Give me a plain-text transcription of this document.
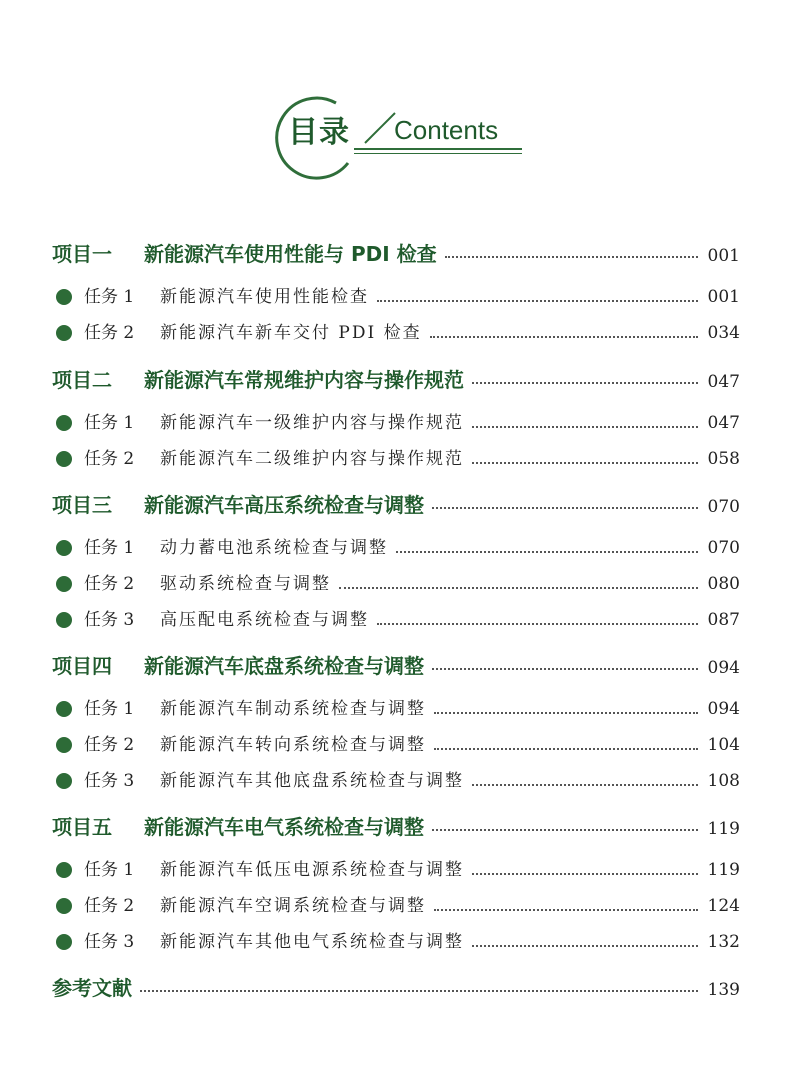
目录 Contents
项目一	新能源汽车使用性能与 PDI 检查	001
任务 1	新能源汽车使用性能检查	001
任务 2	新能源汽车新车交付 PDI 检查	034
项目二	新能源汽车常规维护内容与操作规范	047
任务 1	新能源汽车一级维护内容与操作规范	047
任务 2	新能源汽车二级维护内容与操作规范	058
项目三	新能源汽车高压系统检查与调整	070
任务 1	动力蓄电池系统检查与调整	070
任务 2	驱动系统检查与调整	080
任务 3	高压配电系统检查与调整	087
项目四	新能源汽车底盘系统检查与调整	094
任务 1	新能源汽车制动系统检查与调整	094
任务 2	新能源汽车转向系统检查与调整	104
任务 3	新能源汽车其他底盘系统检查与调整	108
项目五	新能源汽车电气系统检查与调整	119
任务 1	新能源汽车低压电源系统检查与调整	119
任务 2	新能源汽车空调系统检查与调整	124
任务 3	新能源汽车其他电气系统检查与调整	132
参考文献	139
